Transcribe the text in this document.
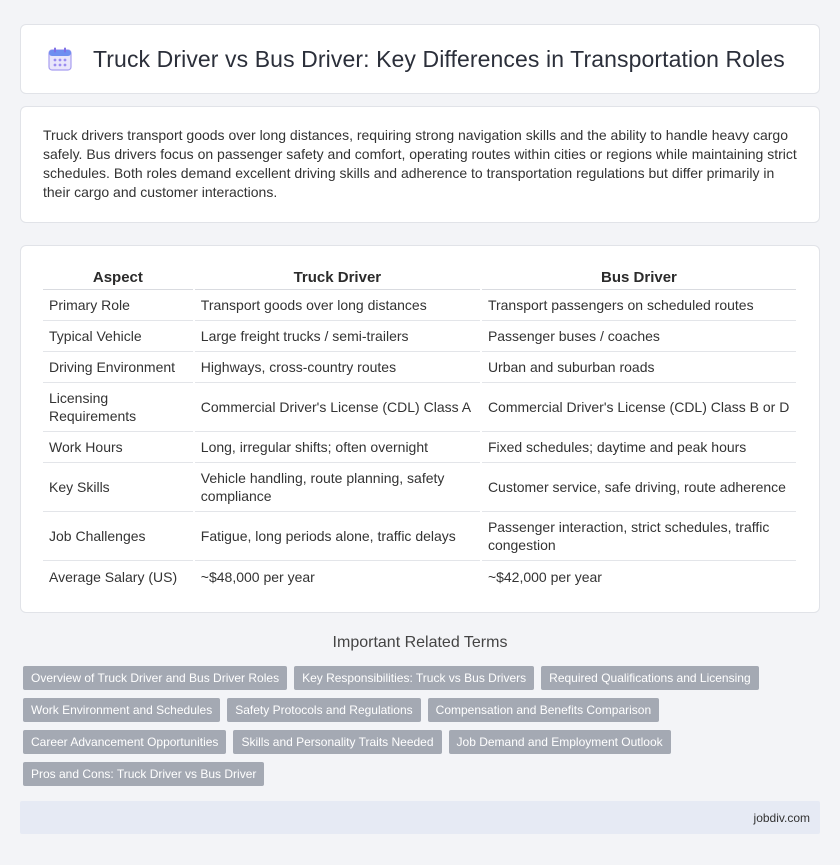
Truck Driver vs Bus Driver: Key Differences in Transportation Roles

Truck drivers transport goods over long distances, requiring strong navigation skills and the ability to handle heavy cargo safely. Bus drivers focus on passenger safety and comfort, operating routes within cities or regions while maintaining strict schedules. Both roles demand excellent driving skills and adherence to transportation regulations but differ primarily in their cargo and customer interactions.

Aspect	Truck Driver	Bus Driver
Primary Role	Transport goods over long distances	Transport passengers on scheduled routes
Typical Vehicle	Large freight trucks / semi-trailers	Passenger buses / coaches
Driving Environment	Highways, cross-country routes	Urban and suburban roads
Licensing Requirements	Commercial Driver's License (CDL) Class A	Commercial Driver's License (CDL) Class B or D
Work Hours	Long, irregular shifts; often overnight	Fixed schedules; daytime and peak hours
Key Skills	Vehicle handling, route planning, safety compliance	Customer service, safe driving, route adherence
Job Challenges	Fatigue, long periods alone, traffic delays	Passenger interaction, strict schedules, traffic congestion
Average Salary (US)	~$48,000 per year	~$42,000 per year
Important Related Terms
Overview of Truck Driver and Bus Driver Roles	Key Responsibilities: Truck vs Bus Drivers	Required Qualifications and Licensing
Work Environment and Schedules	Safety Protocols and Regulations	Compensation and Benefits Comparison
Career Advancement Opportunities	Skills and Personality Traits Needed	Job Demand and Employment Outlook
Pros and Cons: Truck Driver vs Bus Driver
jobdiv.com
